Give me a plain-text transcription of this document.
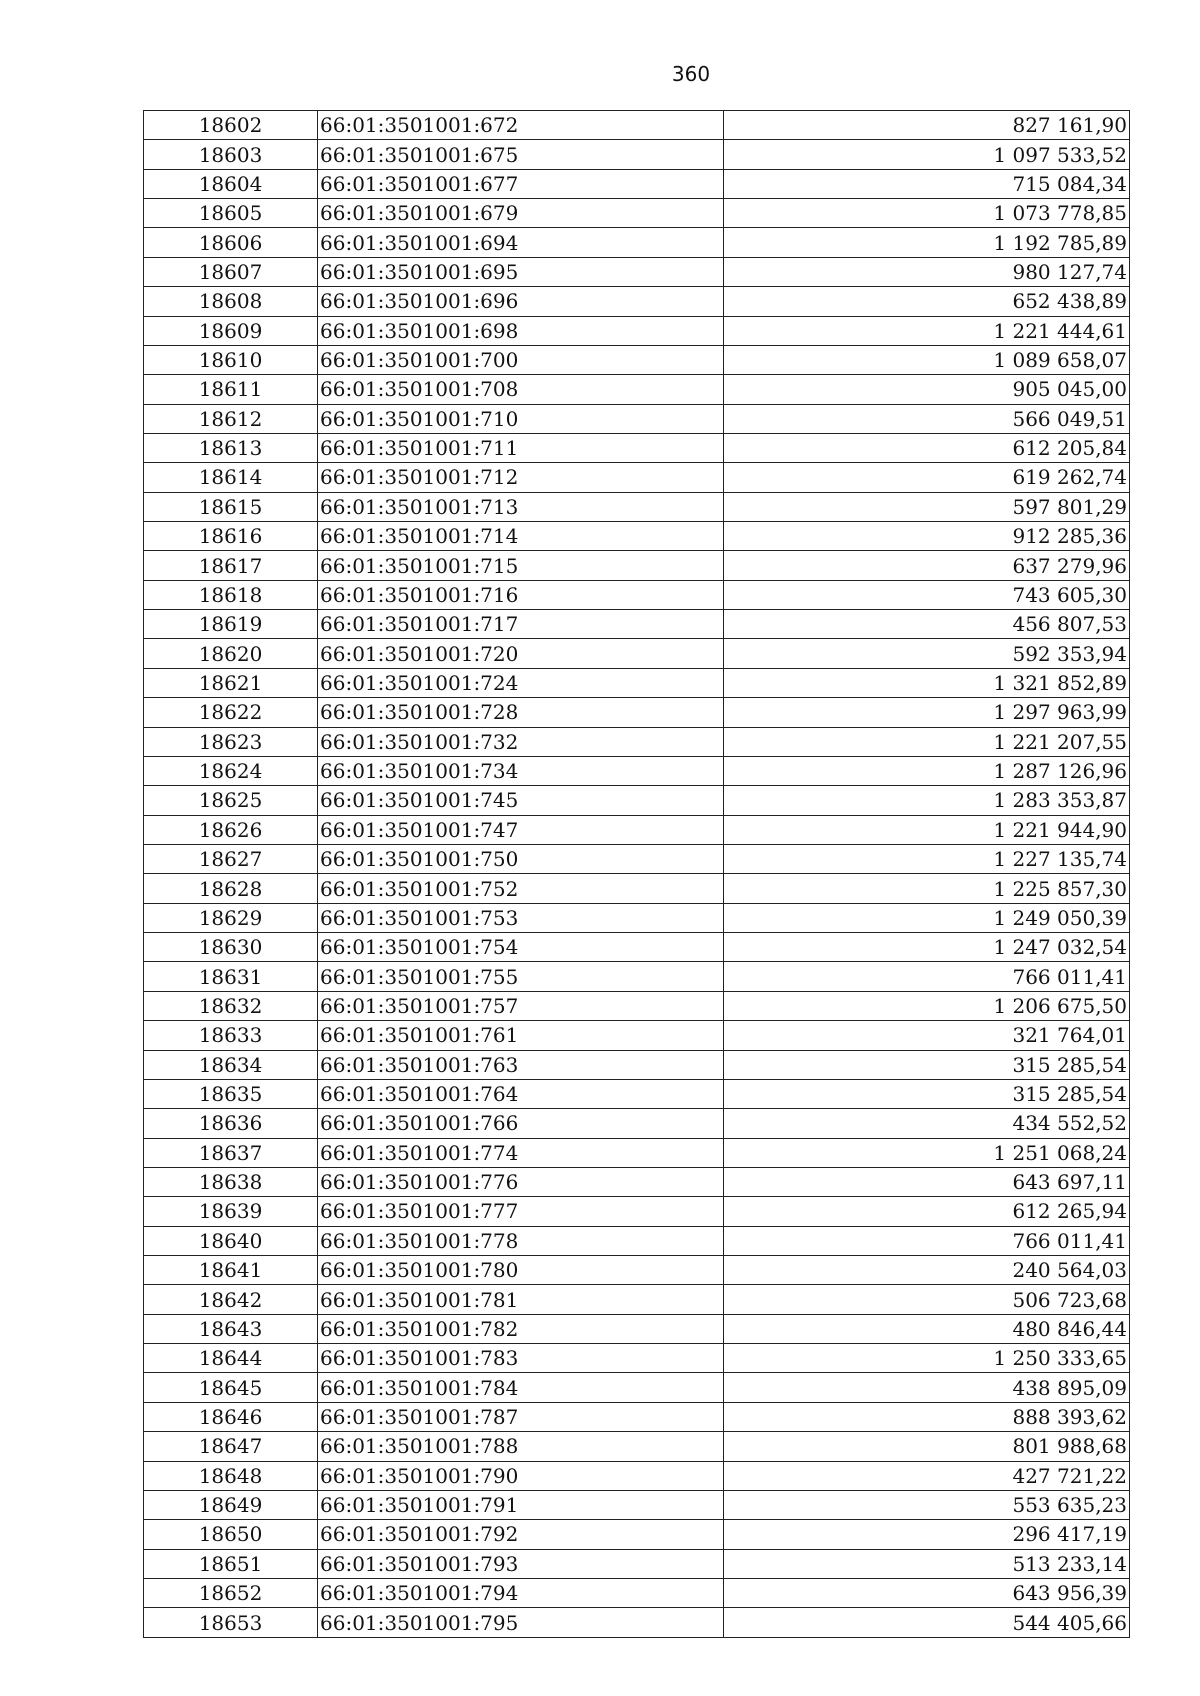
360
18602	66:01:3501001:672	827 161,90
18603	66:01:3501001:675	1 097 533,52
18604	66:01:3501001:677	715 084,34
18605	66:01:3501001:679	1 073 778,85
18606	66:01:3501001:694	1 192 785,89
18607	66:01:3501001:695	980 127,74
18608	66:01:3501001:696	652 438,89
18609	66:01:3501001:698	1 221 444,61
18610	66:01:3501001:700	1 089 658,07
18611	66:01:3501001:708	905 045,00
18612	66:01:3501001:710	566 049,51
18613	66:01:3501001:711	612 205,84
18614	66:01:3501001:712	619 262,74
18615	66:01:3501001:713	597 801,29
18616	66:01:3501001:714	912 285,36
18617	66:01:3501001:715	637 279,96
18618	66:01:3501001:716	743 605,30
18619	66:01:3501001:717	456 807,53
18620	66:01:3501001:720	592 353,94
18621	66:01:3501001:724	1 321 852,89
18622	66:01:3501001:728	1 297 963,99
18623	66:01:3501001:732	1 221 207,55
18624	66:01:3501001:734	1 287 126,96
18625	66:01:3501001:745	1 283 353,87
18626	66:01:3501001:747	1 221 944,90
18627	66:01:3501001:750	1 227 135,74
18628	66:01:3501001:752	1 225 857,30
18629	66:01:3501001:753	1 249 050,39
18630	66:01:3501001:754	1 247 032,54
18631	66:01:3501001:755	766 011,41
18632	66:01:3501001:757	1 206 675,50
18633	66:01:3501001:761	321 764,01
18634	66:01:3501001:763	315 285,54
18635	66:01:3501001:764	315 285,54
18636	66:01:3501001:766	434 552,52
18637	66:01:3501001:774	1 251 068,24
18638	66:01:3501001:776	643 697,11
18639	66:01:3501001:777	612 265,94
18640	66:01:3501001:778	766 011,41
18641	66:01:3501001:780	240 564,03
18642	66:01:3501001:781	506 723,68
18643	66:01:3501001:782	480 846,44
18644	66:01:3501001:783	1 250 333,65
18645	66:01:3501001:784	438 895,09
18646	66:01:3501001:787	888 393,62
18647	66:01:3501001:788	801 988,68
18648	66:01:3501001:790	427 721,22
18649	66:01:3501001:791	553 635,23
18650	66:01:3501001:792	296 417,19
18651	66:01:3501001:793	513 233,14
18652	66:01:3501001:794	643 956,39
18653	66:01:3501001:795	544 405,66
